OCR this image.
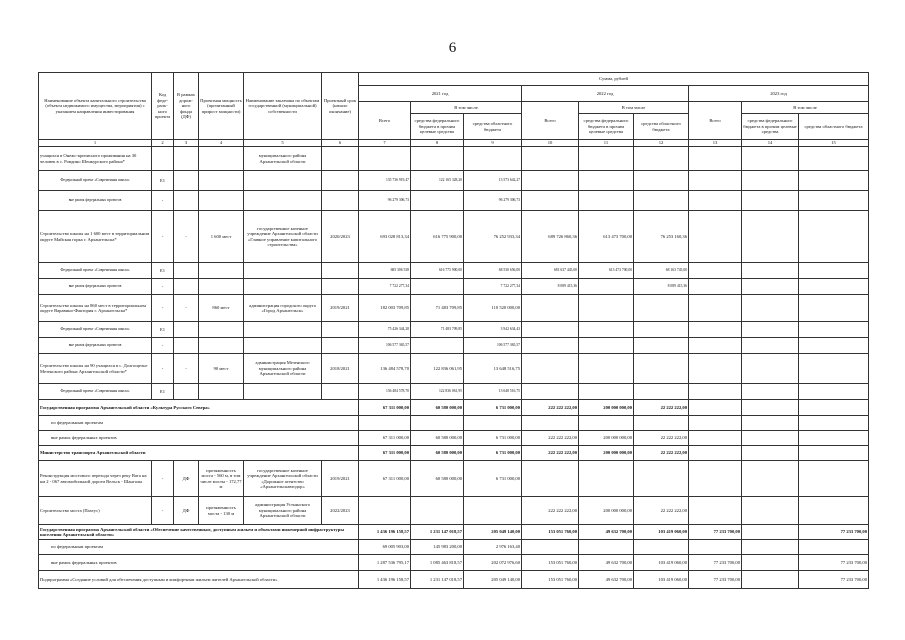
6
Наименование объекта капитального строительства (объекта недвижимого имущества, мероприятия) с указанием направления инвестирования	Код феде-раль-ного проекта	В рамках дорож-ного фонда (ДФ)	Проектная мощность (прочитанный прирост мощности)	Наименование заказчика по объектам государственной (муниципальной) собственности	Проектный срок (начало окончание)	Сумма, рублей								
						2021 год			2022 год			2023 год		
						Всего	В том числе		Всего	В том числе		Всего	В том числе	
							средства федерального бюджета в прочим целевые средства	средства областного бюджета		средства федерального бюджета в прочим целевые средства	средства областного бюджета		средства федерального бюджета в прочим целевые средства	средства областного бюджета
1	2	3	4	5	6	7	8	9	10	11	12	13	14	15
учащихся в Онежс-кризисного проживания на 30 человек в с. Ровдино Шенкурского района*				муниципального района Архангельской области										
Федеральный проект «Современная школа»	Е1					135 736 919,47	122 165 328,20	13 573 642,27						
вне рамок федеральных проектов	-					96 279 306,73		96 279 306,73						
Строительство школы на 1 600 мест в территориальном округе Майская горка г. Архангельска*	-	-	1 600 мест	государственное казенное учреждение Архангельской области «Главное управление капитального строительства»	2020/2023	693 028 813,34	616 775 900,00	76 252 933,34	689 726 860,36	613 473 700,00	76 253 160,36			
Федеральный проект «Современная школа»	Е1					685 306 538	616 775 900,00	68 530 656,00	681 637 445,00	613 473 700,00	68 163 745,00			
вне рамок федеральных проектов	-					7 722 277,34		7 722 277,34	8 089 415,36		8 089 415,36			
Строительство школы на 860 мест в территориальном округе Варавино-Фактория г. Архангельска*	-	-	860 мест	администрация городского округа «Город Архангельск»	2019/2021	182 003 709,85	71 483 709,85	110 520 000,00						
Федеральный проект «Современная школа»	Е1					75 426 344,28	71 483 709,85	3 942 634,43						
вне рамок федеральных проектов	-					106 577 365,57		106 577 365,57						
Строительство школы на 90 учащихся в с. Долгощелье Мезенского района Архангельской области*	-	-	90 мест	администрация Мезенского муниципального района Архангельской области	2018/2021	136 484 578,70	122 836 061,95	13 648 516,75						
Федеральный проект «Современная школа»	Е1					136 484 578,70	122 836 061,95	13 648 516,75						
Государственная программа Архангельской области «Культура Русского Севера»						67 311 000,00	60 580 000,00	6 731 000,00	222 222 222,00	200 000 000,00	22 222 222,00			
по федеральным проектам														
вне рамок федеральных проектов						67 311 000,00	60 580 000,00	6 731 000,00	222 222 222,00	200 000 000,00	22 222 222,00			
Министерство транспорта Архангельской области						67 311 000,00	60 580 000,00	6 731 000,00	222 222 222,00	200 000 000,00	22 222 222,00			
Реконструкция мостового перехода через реку Вага на км 2 - 067 автомобильной дороги Вельск - Шангалы	-	ДФ	протяженность моста - 560 м, в том числе мосты - 172,77 м	государственное казенное учреждение Архангельской области «Дорожное агентство «Архангельскавтодор»	2019/2021	67 311 000,00	60 580 000,00	6 731 000,00						
Строительство моста (Пахтус)	-	ДФ	протяженность моста - 130 м	администрация Устьянского муниципального района Архангельской области	2022/2023				222 222 222,00	200 000 000,00	22 222 222,00			
Государственная программа Архангельской области «Обеспечение качественным, доступным жильем и объектами инженерной инфраструктуры населения Архангельской области»						1 436 196 158,57	1 231 147 018,57	205 049 140,00	153 051 760,00	49 632 700,00	103 419 060,00	77 233 700,00		77 233 700,00
по федеральным проектам						69 005 903,00	145 983 200,00	2 976 163,40						
вне рамок федеральных проектов						1 287 536 795,17	1 085 463 818,57	202 072 976,60	153 051 760,00	49 632 700,00	103 419 060,00	77 233 700,00		77 233 700,00
Подпрограмма «Создание условий для обеспечения доступным и комфортным жильем жителей Архангельской области»						1 436 196 158,57	1 231 147 018,57	205 049 140,00	153 051 760,00	49 632 700,00	103 419 060,00	77 233 700,00		77 233 700,00
